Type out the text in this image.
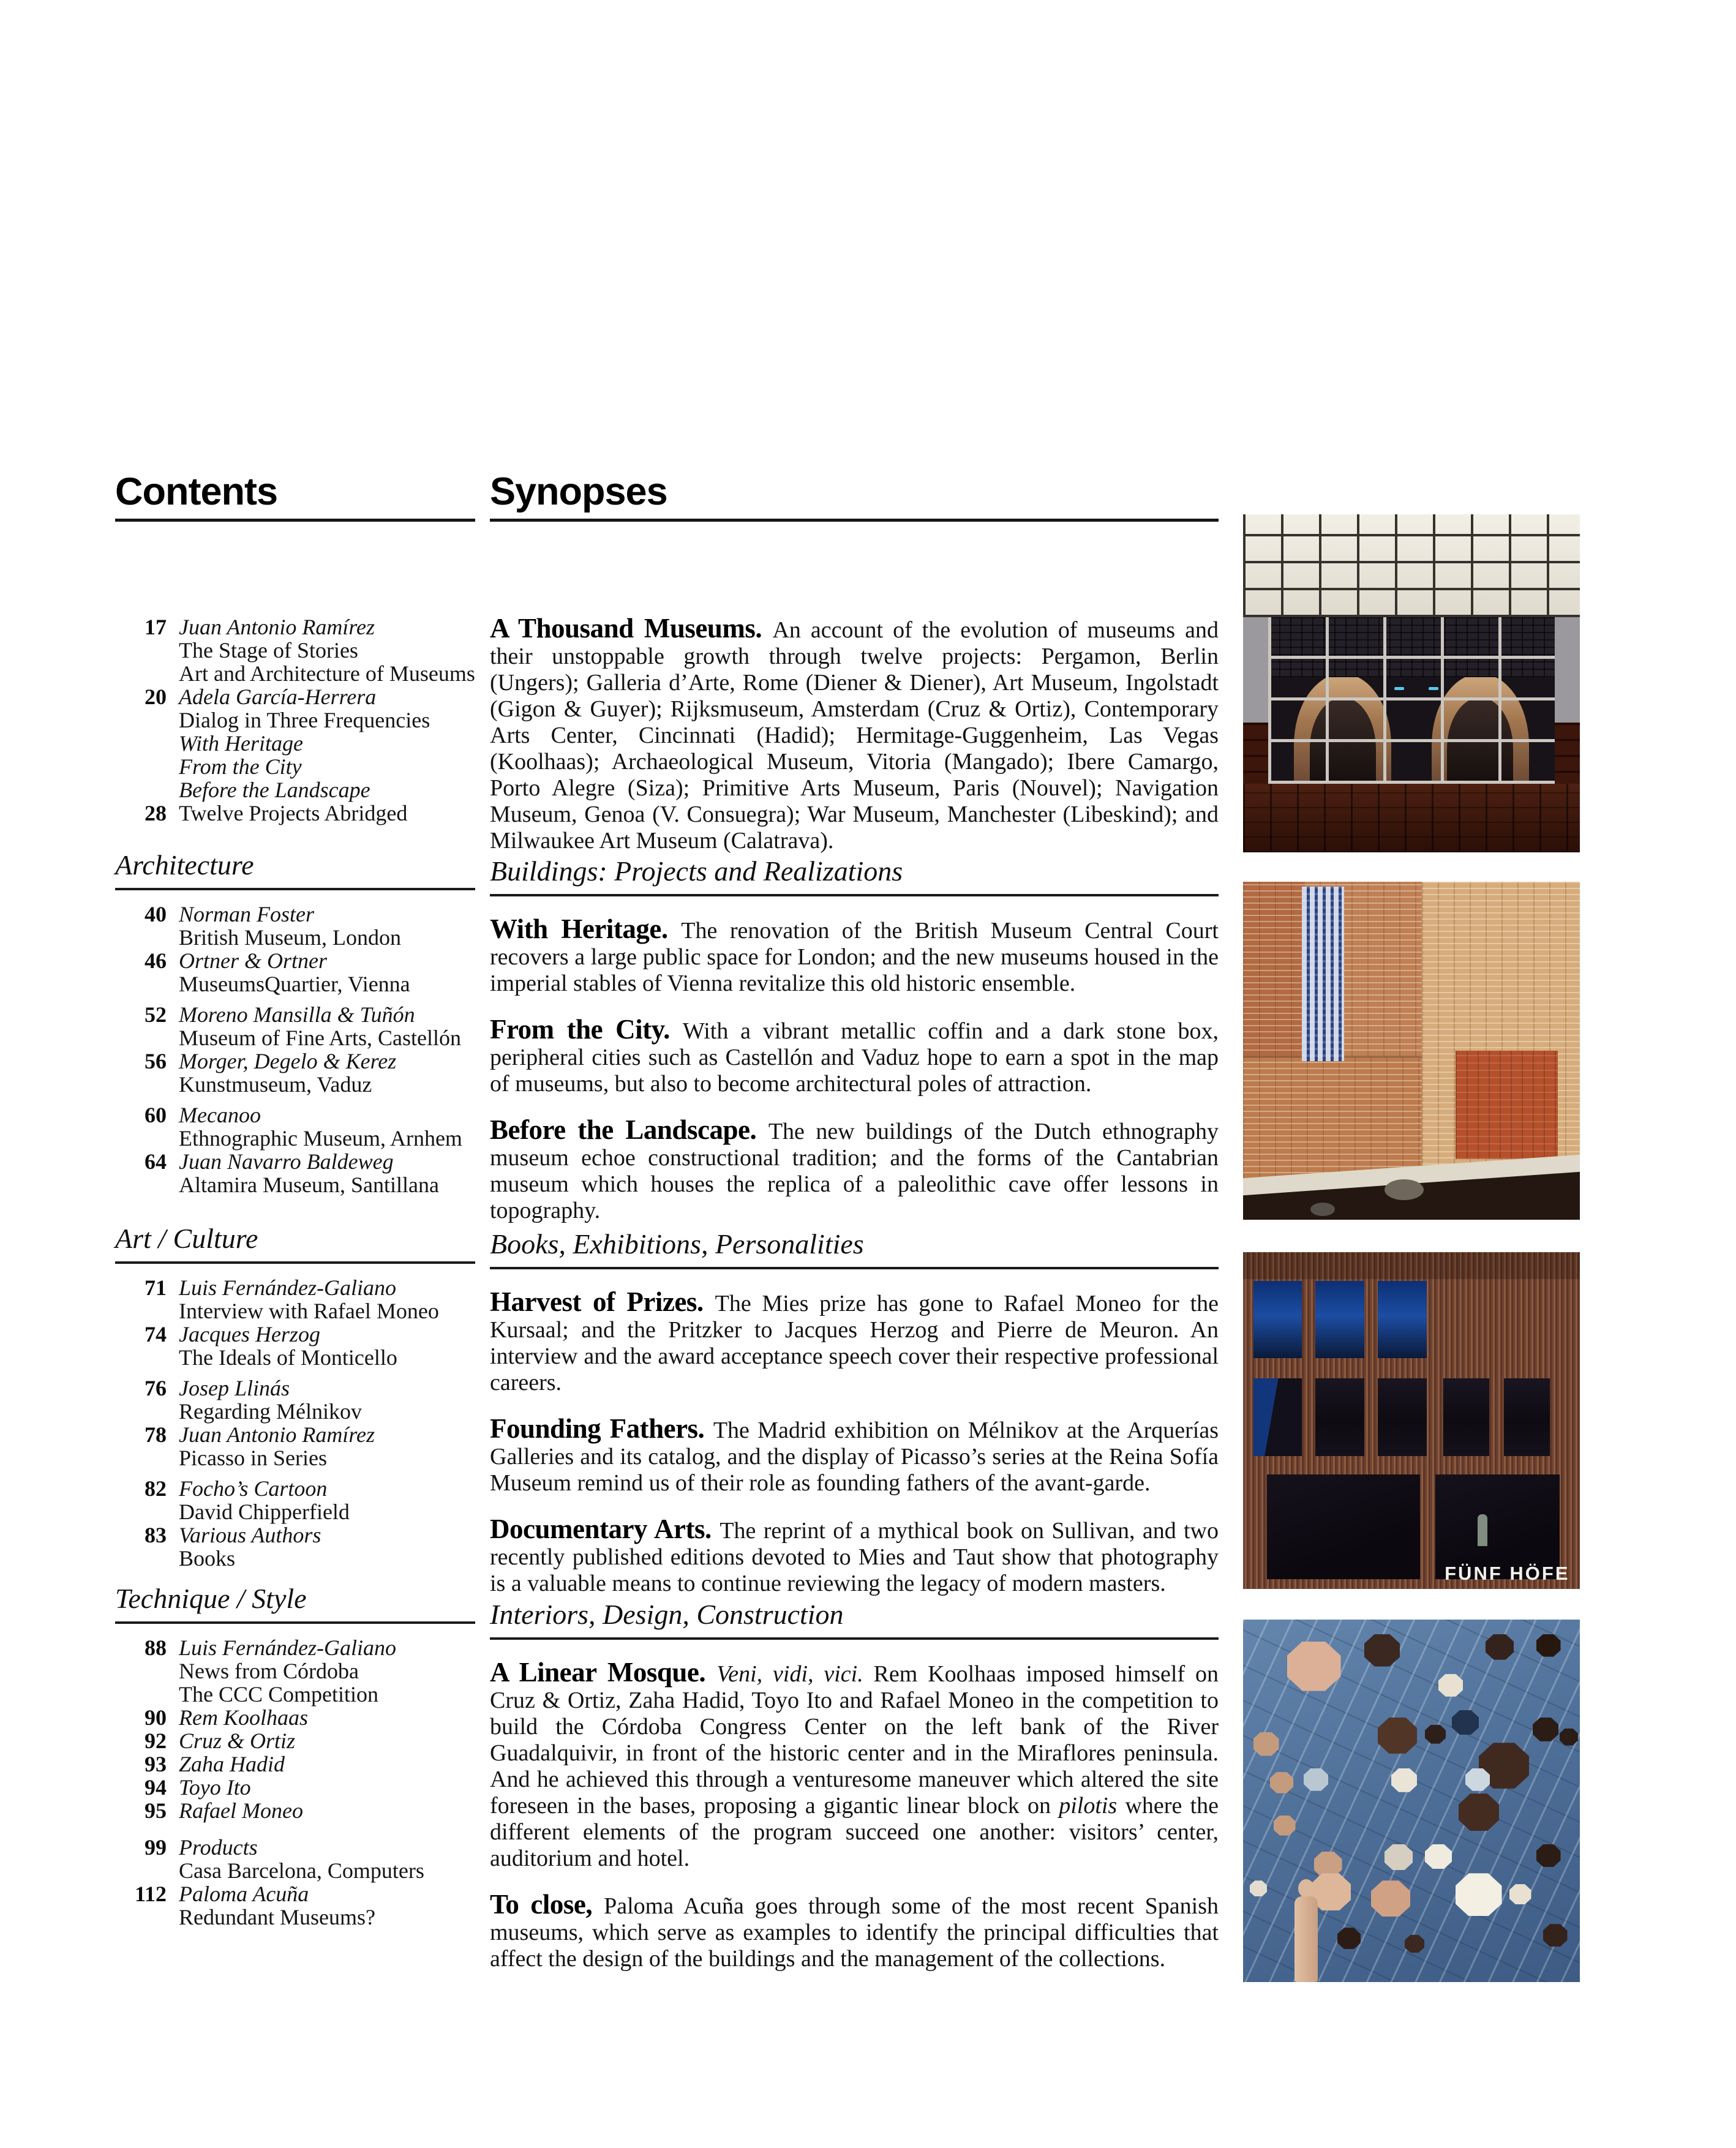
Contents
17 Juan Antonio Ramírez
The Stage of Stories
Art and Architecture of Museums
20 Adela García-Herrera
Dialog in Three Frequencies
With Heritage
From the City
Before the Landscape
28 Twelve Projects Abridged
Architecture
40 Norman Foster
British Museum, London
46 Ortner & Ortner
MuseumsQuartier, Vienna
52 Moreno Mansilla & Tuñón
Museum of Fine Arts, Castellón
56 Morger, Degelo & Kerez
Kunstmuseum, Vaduz
60 Mecanoo
Ethnographic Museum, Arnhem
64 Juan Navarro Baldeweg
Altamira Museum, Santillana
Art / Culture
71 Luis Fernández-Galiano
Interview with Rafael Moneo
74 Jacques Herzog
The Ideals of Monticello
76 Josep Llinás
Regarding Mélnikov
78 Juan Antonio Ramírez
Picasso in Series
82 Focho’s Cartoon
David Chipperfield
83 Various Authors
Books
Technique / Style
88 Luis Fernández-Galiano
News from Córdoba
The CCC Competition
90 Rem Koolhaas
92 Cruz & Ortiz
93 Zaha Hadid
94 Toyo Ito
95 Rafael Moneo
99 Products
Casa Barcelona, Computers
112 Paloma Acuña
Redundant Museums?
Synopses

A Thousand Museums. An account of the evolution of museums and their unstoppable growth through twelve projects: Pergamon, Berlin (Ungers); Galleria d’Arte, Rome (Diener & Diener), Art Museum, Ingolstadt (Gigon & Guyer); Rijksmuseum, Amsterdam (Cruz & Ortiz), Contemporary Arts Center, Cincinnati (Hadid); Hermitage-Guggenheim, Las Vegas (Koolhaas); Archaeological Museum, Vitoria (Mangado); Ibere Camargo, Porto Alegre (Siza); Primitive Arts Museum, Paris (Nouvel); Navigation Museum, Genoa (V. Consuegra); War Museum, Manchester (Libeskind); and Milwaukee Art Museum (Calatrava).

Buildings: Projects and Realizations

With Heritage. The renovation of the British Museum Central Court recovers a large public space for London; and the new museums housed in the imperial stables of Vienna revitalize this old historic ensemble.

From the City. With a vibrant metallic coffin and a dark stone box, peripheral cities such as Castellón and Vaduz hope to earn a spot in the map of museums, but also to become architectural poles of attraction.

Before the Landscape. The new buildings of the Dutch ethnography museum echoe constructional tradition; and the forms of the Cantabrian museum which houses the replica of a paleolithic cave offer lessons in topography.

Books, Exhibitions, Personalities

Harvest of Prizes. The Mies prize has gone to Rafael Moneo for the Kursaal; and the Pritzker to Jacques Herzog and Pierre de Meuron. An interview and the award acceptance speech cover their respective professional careers.

Founding Fathers. The Madrid exhibition on Mélnikov at the Arquerías Galleries and its catalog, and the display of Picasso’s series at the Reina Sofía Museum remind us of their role as founding fathers of the avant-garde.

Documentary Arts. The reprint of a mythical book on Sullivan, and two recently published editions devoted to Mies and Taut show that photography is a valuable means to continue reviewing the legacy of modern masters.

Interiors, Design, Construction

A Linear Mosque. Veni, vidi, vici. Rem Koolhaas imposed himself on Cruz & Ortiz, Zaha Hadid, Toyo Ito and Rafael Moneo in the competition to build the Córdoba Congress Center on the left bank of the River Guadalquivir, in front of the historic center and in the Miraflores peninsula. And he achieved this through a venturesome maneuver which altered the site foreseen in the bases, proposing a gigantic linear block on pilotis where the different elements of the program succeed one another: visitors’ center, auditorium and hotel.

To close, Paloma Acuña goes through some of the most recent Spanish museums, which serve as examples to identify the principal difficulties that affect the design of the buildings and the management of the collections.

FÜNF HÖFE
